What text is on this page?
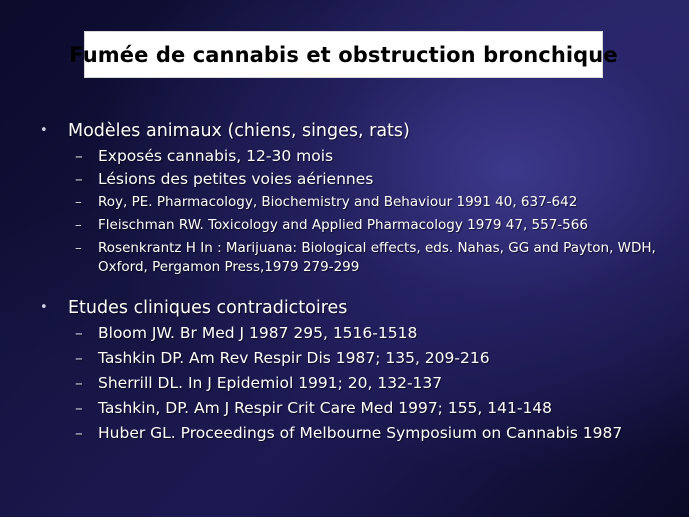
Fumée de cannabis et obstruction bronchique
• Modèles animaux (chiens, singes, rats)
– Exposés cannabis, 12-30 mois
– Lésions des petites voies aériennes
– Roy, PE. Pharmacology, Biochemistry and Behaviour 1991 40, 637-642
– Fleischman RW. Toxicology and Applied Pharmacology 1979 47, 557-566
– Rosenkrantz H In : Marijuana: Biological effects, eds. Nahas, GG and Payton, WDH, Oxford, Pergamon Press,1979 279-299
• Etudes cliniques contradictoires
– Bloom JW. Br Med J 1987 295, 1516-1518
– Tashkin DP. Am Rev Respir Dis 1987; 135, 209-216
– Sherrill DL. In J Epidemiol 1991; 20, 132-137
– Tashkin, DP. Am J Respir Crit Care Med 1997; 155, 141-148
– Huber GL. Proceedings of Melbourne Symposium on Cannabis 1987
